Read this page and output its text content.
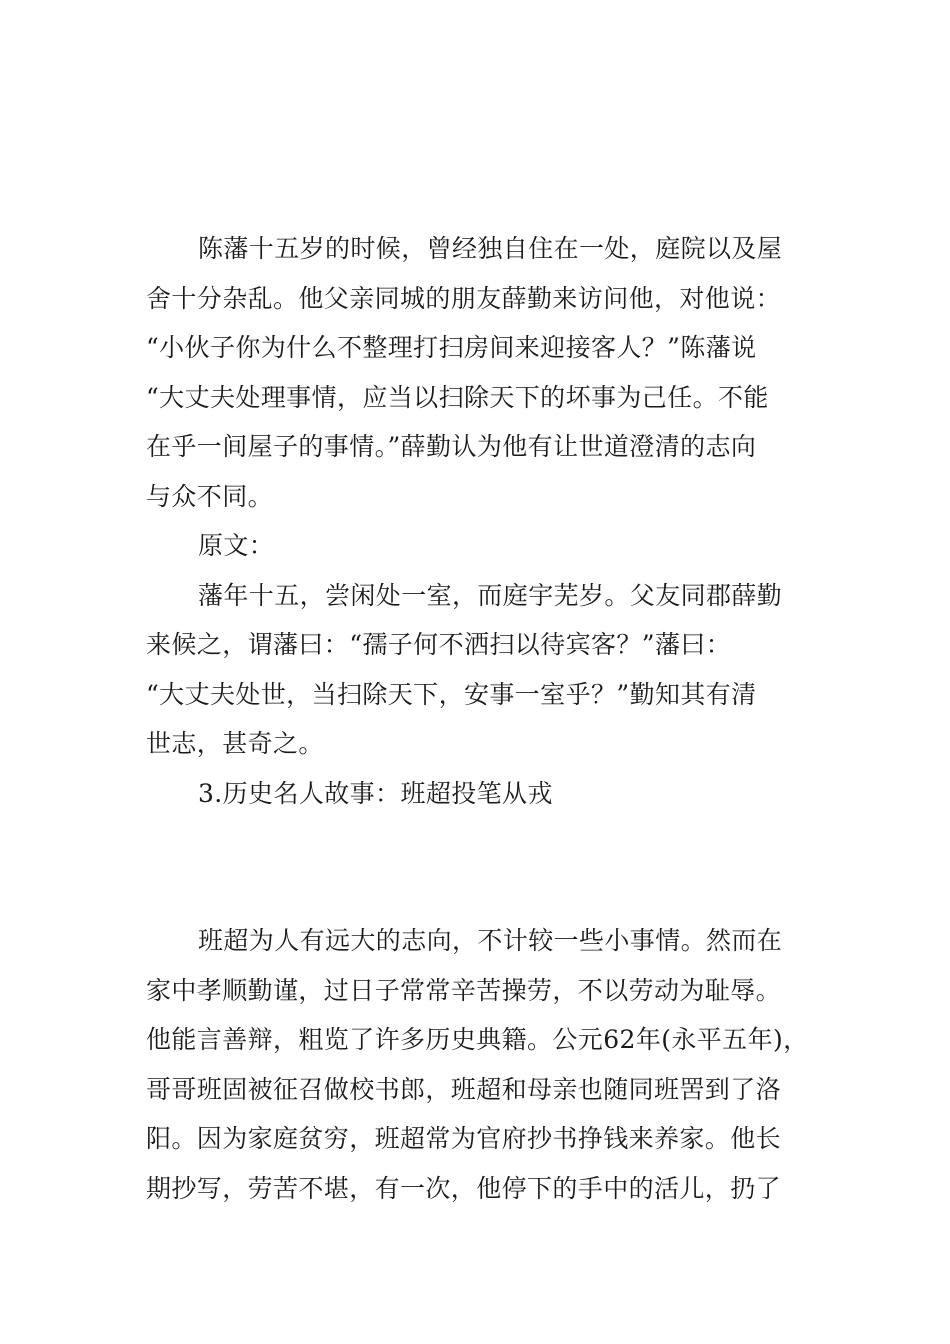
陈藩十五岁的时候，曾经独自住在一处，庭院以及屋
舍十分杂乱。他父亲同城的朋友薛勤来访问他，对他说：
“小伙子你为什么不整理打扫房间来迎接客人？”陈藩说
“大丈夫处理事情，应当以扫除天下的坏事为己任。不能
在乎一间屋子的事情。”薛勤认为他有让世道澄清的志向
与众不同。
原文：
藩年十五，尝闲处一室，而庭宇芜岁。父友同郡薛勤
来候之，谓藩曰：“孺子何不洒扫以待宾客？”藩曰：
“大丈夫处世，当扫除天下，安事一室乎？”勤知其有清
世志，甚奇之。
3.历史名人故事：班超投笔从戎
班超为人有远大的志向，不计较一些小事情。然而在
家中孝顺勤谨，过日子常常辛苦操劳，不以劳动为耻辱。
他能言善辩，粗览了许多历史典籍。公元62年(永平五年)，
哥哥班固被征召做校书郎，班超和母亲也随同班罟到了洛
阳。因为家庭贫穷，班超常为官府抄书挣钱来养家。他长
期抄写，劳苦不堪，有一次，他停下的手中的活儿，扔了
